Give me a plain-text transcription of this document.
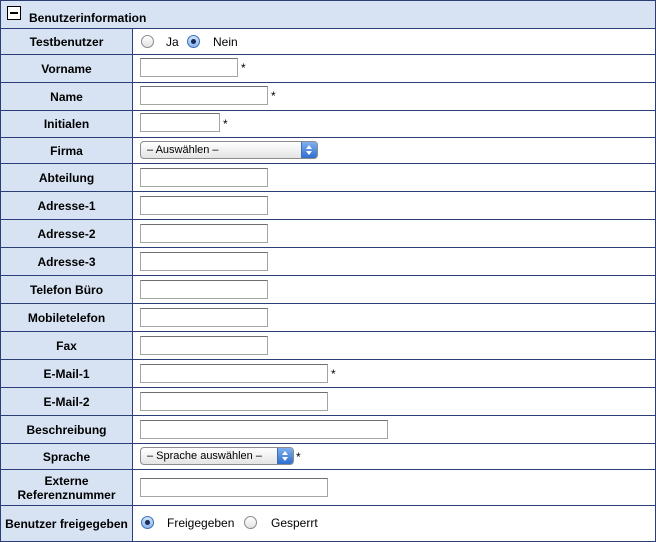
Benutzerinformation
Testbenutzer	Ja	Nein
Vorname	*
Name	*
Initialen	*
Firma	– Auswählen –
Abteilung
Adresse-1
Adresse-2
Adresse-3
Telefon Büro
Mobiletelefon
Fax
E-Mail-1	*
E-Mail-2
Beschreibung
Sprache	– Sprache auswählen –	*
Externe Referenznummer
Benutzer freigegeben	Freigegeben	Gesperrt
